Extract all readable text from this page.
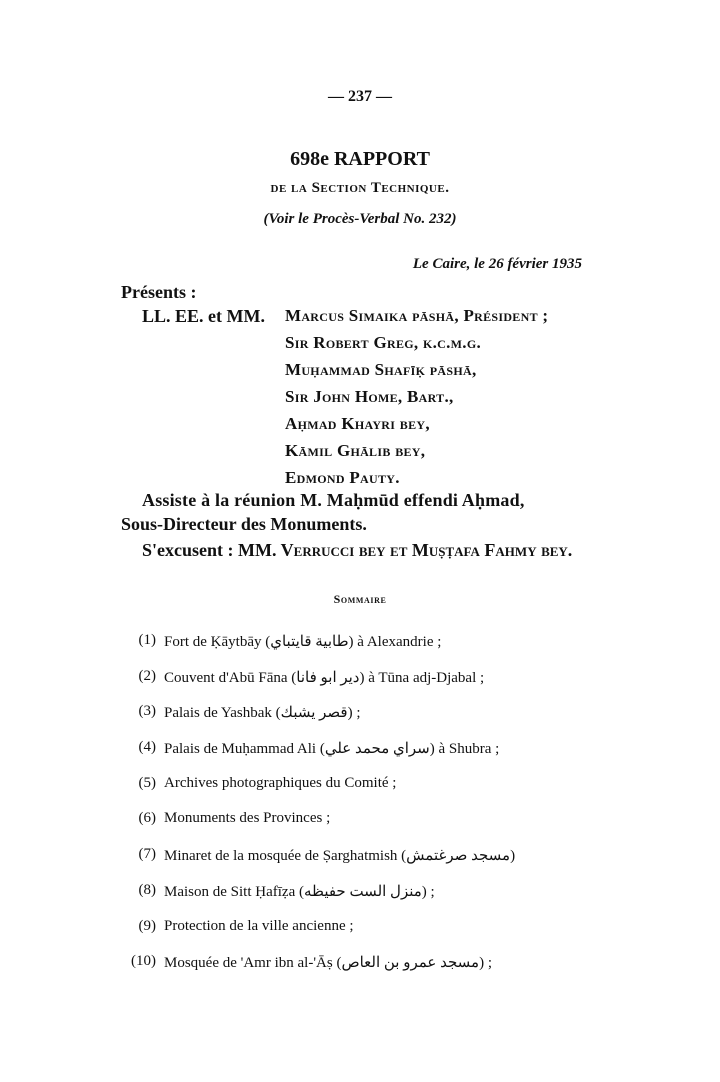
— 237 —
698e RAPPORT
de la Section Technique.
(Voir le Procès-Verbal No. 232)
Le Caire, le 26 février 1935
Présents :
LL. EE. et MM. Marcus Simaika pāshā, Président ;
Sir Robert Greg, k.c.m.g.
Muḥammad Shafīḳ pāshā,
Sir John Home, Bart.,
Aḥmad Khayri bey,
Kāmil Ghālib bey,
Edmond Pauty.
Assiste à la réunion M. Maḥmūd effendi Aḥmad,
Sous-Directeur des Monuments.
S'excusent : MM. Verrucci bey et Muṣṭafa Fahmy bey.
Sommaire
(1) Fort de Ḳāytbāy (طابية قايتباي) à Alexandrie ;
(2) Couvent d'Abū Fāna (دير ابو فانا) à Tūna adj-Djabal ;
(3) Palais de Yashbak (قصر يشبك) ;
(4) Palais de Muḥammad Ali (سراي محمد علي) à Shubra ;
(5) Archives photographiques du Comité ;
(6) Monuments des Provinces ;
(7) Minaret de la mosquée de Ṣarghatmish (مسجد صرغتمش)
(8) Maison de Sitt Ḥafīẓa (منزل الست حفيظه) ;
(9) Protection de la ville ancienne ;
(10) Mosquée de 'Amr ibn al-'Āṣ (مسجد عمرو بن العاص) ;
